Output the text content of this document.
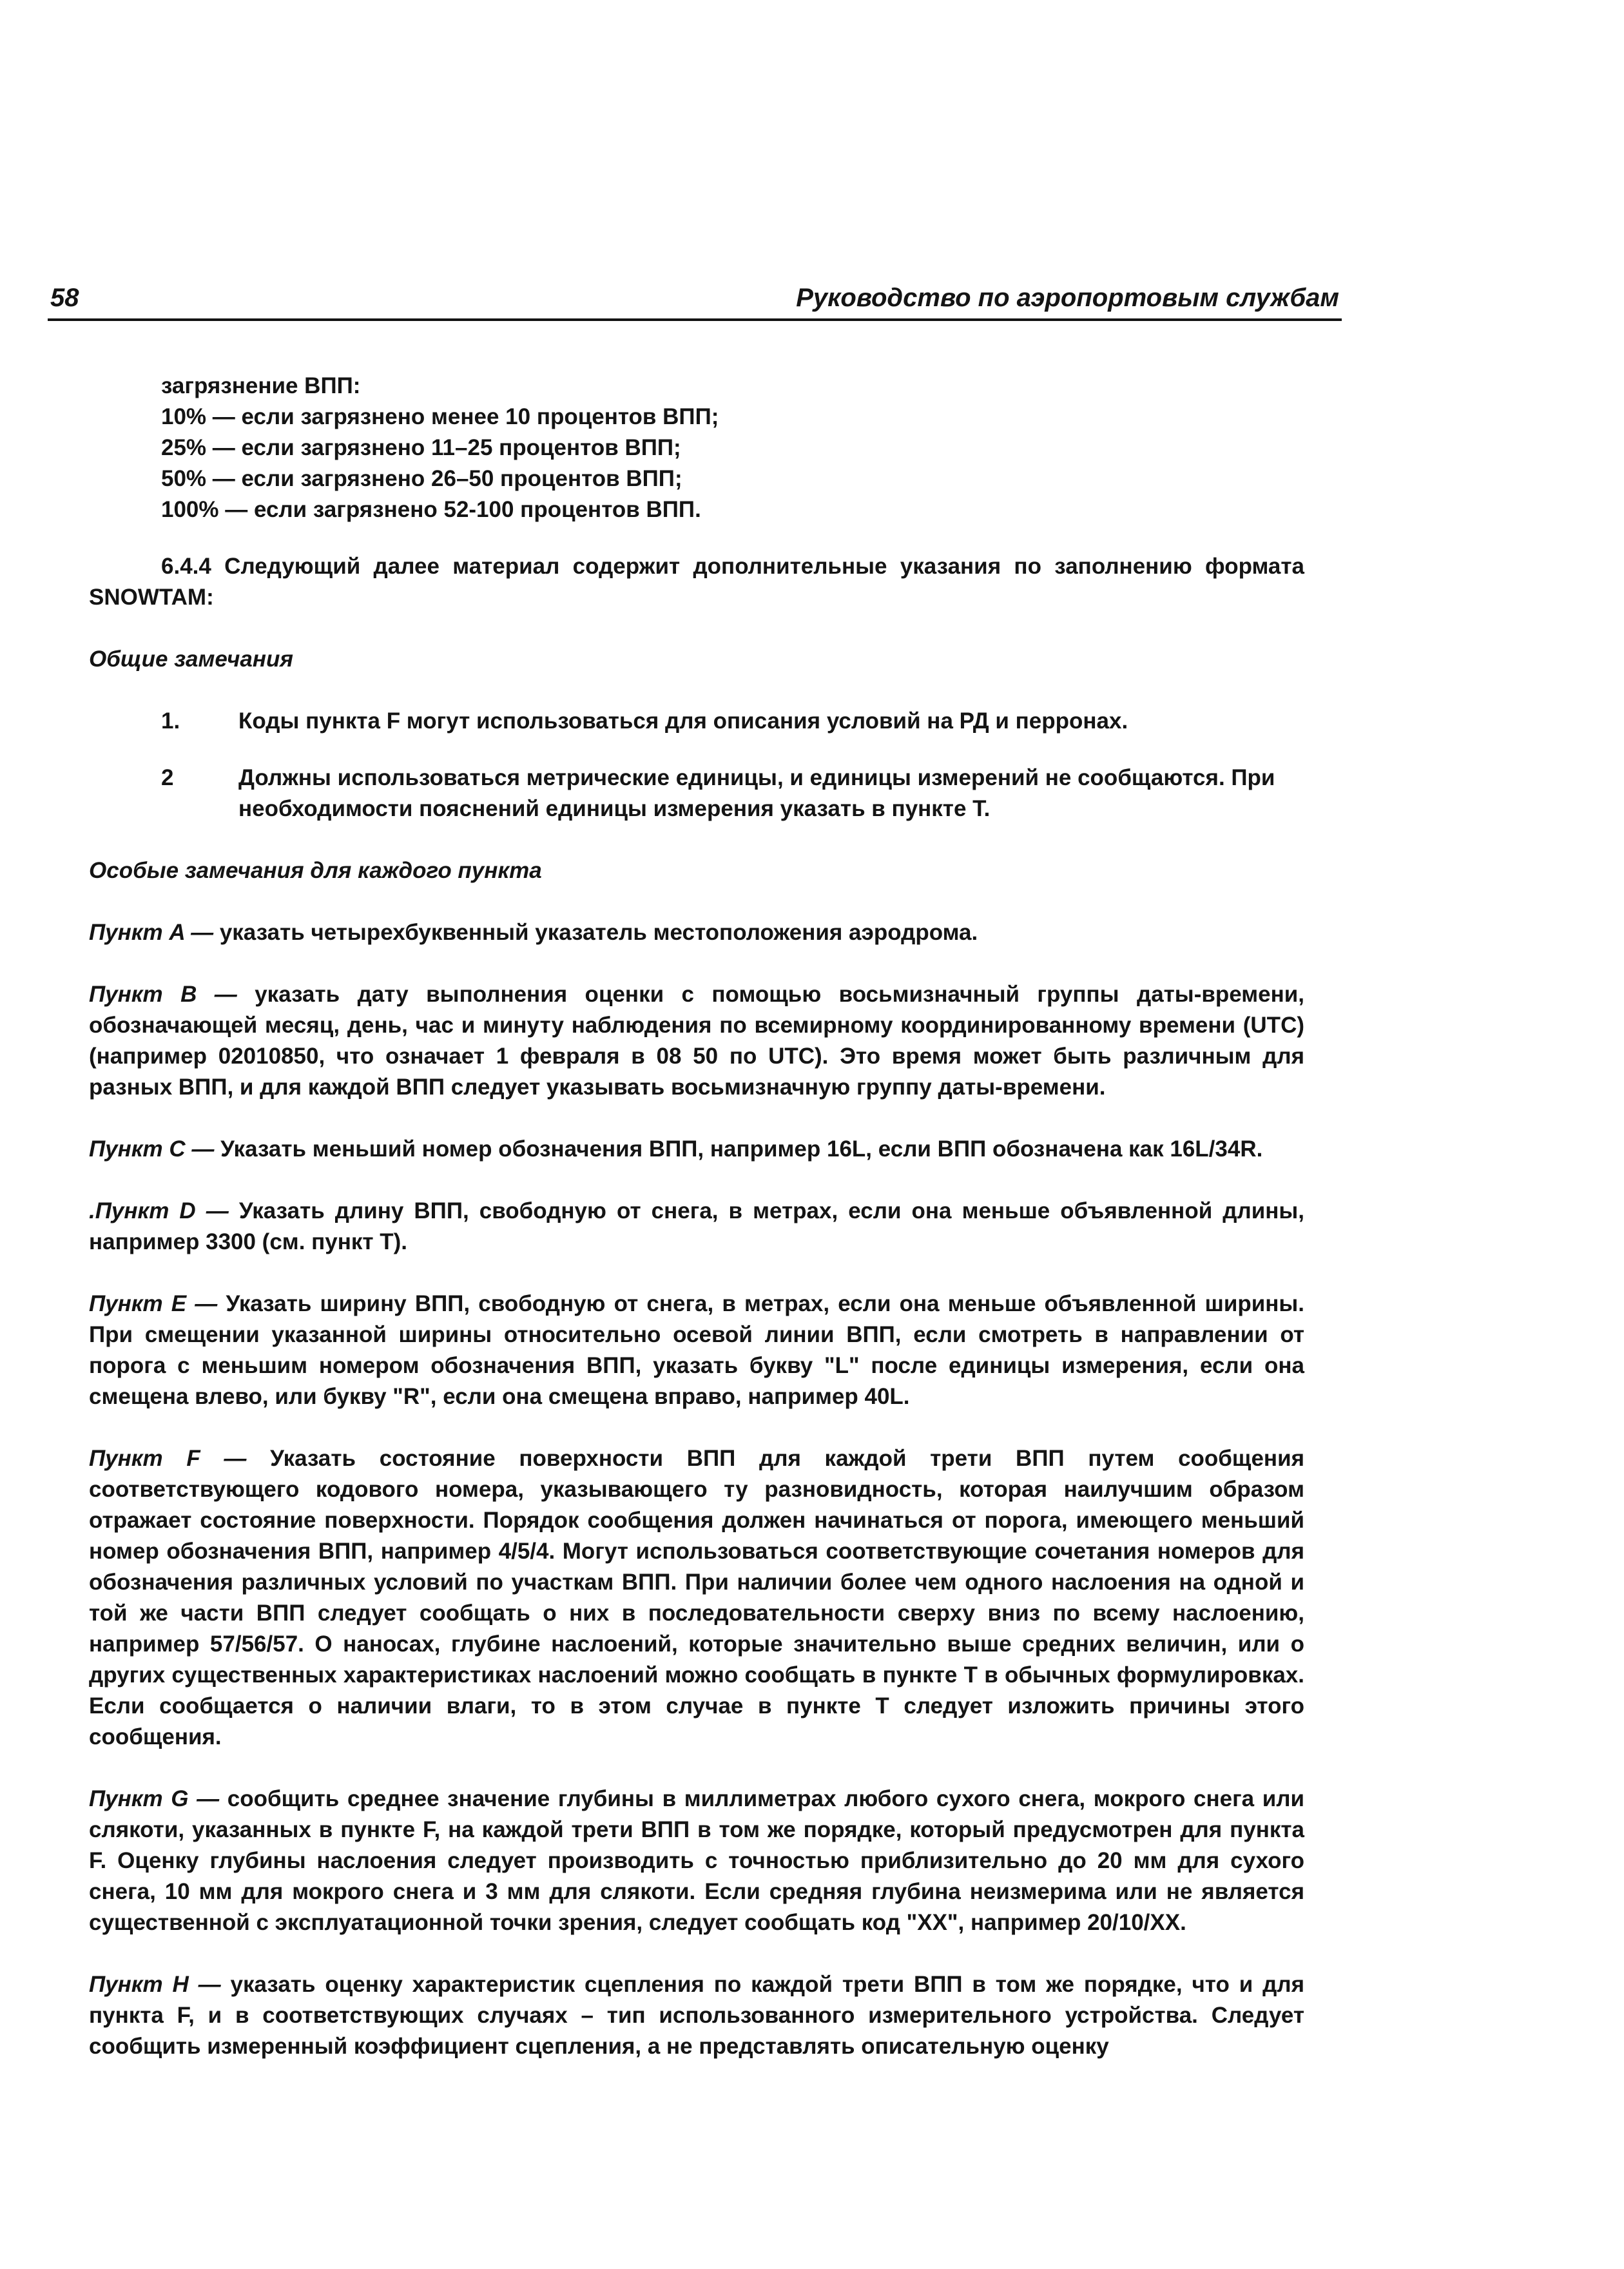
58	Руководство по аэропортовым службам

загрязнение ВПП:

10% — если загрязнено менее 10 процентов ВПП;

25% — если загрязнено 11–25 процентов ВПП;

50% — если загрязнено 26–50 процентов ВПП;

100% — если загрязнено 52-100 процентов ВПП.

6.4.4 Следующий далее материал содержит дополнительные указания по заполнению формата SNOWTAM:

Общие замечания

1.	Коды пункта F могут использоваться для описания условий на РД и перронах.
2	Должны использоваться метрические единицы, и единицы измерений не сообщаются. При необходимости пояснений единицы измерения указать в пункте Т.

Особые замечания для каждого пункта

Пункт A — указать четырехбуквенный указатель местоположения аэродрома.

Пункт B — указать дату выполнения оценки с помощью восьмизначный группы даты-времени, обозначающей месяц, день, час и минуту наблюдения по всемирному координированному времени (UTC) (например 02010850, что означает 1 февраля в 08 50 по UTC). Это время может быть различным для разных ВПП, и для каждой ВПП следует указывать восьмизначную группу даты-времени.

Пункт C — Указать меньший номер обозначения ВПП, например 16L, если ВПП обозначена как 16L/34R.

.Пункт D — Указать длину ВПП, свободную от снега, в метрах, если она меньше объявленной длины, например 3300 (см. пункт T).

Пункт E — Указать ширину ВПП, свободную от снега, в метрах, если она меньше объявленной ширины. При смещении указанной ширины относительно осевой линии ВПП, если смотреть в направлении от порога с меньшим номером обозначения ВПП, указать букву "L" после единицы измерения, если она смещена влево, или букву "R", если она смещена вправо, например 40L.

Пункт F — Указать состояние поверхности ВПП для каждой трети ВПП путем сообщения соответствующего кодового номера, указывающего ту разновидность, которая наилучшим образом отражает состояние поверхности. Порядок сообщения должен начинаться от порога, имеющего меньший номер обозначения ВПП, например 4/5/4. Могут использоваться соответствующие сочетания номеров для обозначения различных условий по участкам ВПП. При наличии более чем одного наслоения на одной и той же части ВПП следует сообщать о них в последовательности сверху вниз по всему наслоению, например 57/56/57. О наносах, глубине наслоений, которые значительно выше средних величин, или о других существенных характеристиках наслоений можно сообщать в пункте Т в обычных формулировках. Если сообщается о наличии влаги, то в этом случае в пункте Т следует изложить причины этого сообщения.

Пункт G — сообщить среднее значение глубины в миллиметрах любого сухого снега, мокрого снега или слякоти, указанных в пункте F, на каждой трети ВПП в том же порядке, который предусмотрен для пункта F. Оценку глубины наслоения следует производить с точностью приблизительно до 20 мм для сухого снега, 10 мм для мокрого снега и 3 мм для слякоти. Если средняя глубина неизмерима или не является существенной с эксплуатационной точки зрения, следует сообщать код "XX", например 20/10/XX.

Пункт H — указать оценку характеристик сцепления по каждой трети ВПП в том же порядке, что и для пункта F, и в соответствующих случаях – тип использованного измерительного устройства. Следует сообщить измеренный коэффициент сцепления, а не представлять описательную оценку
